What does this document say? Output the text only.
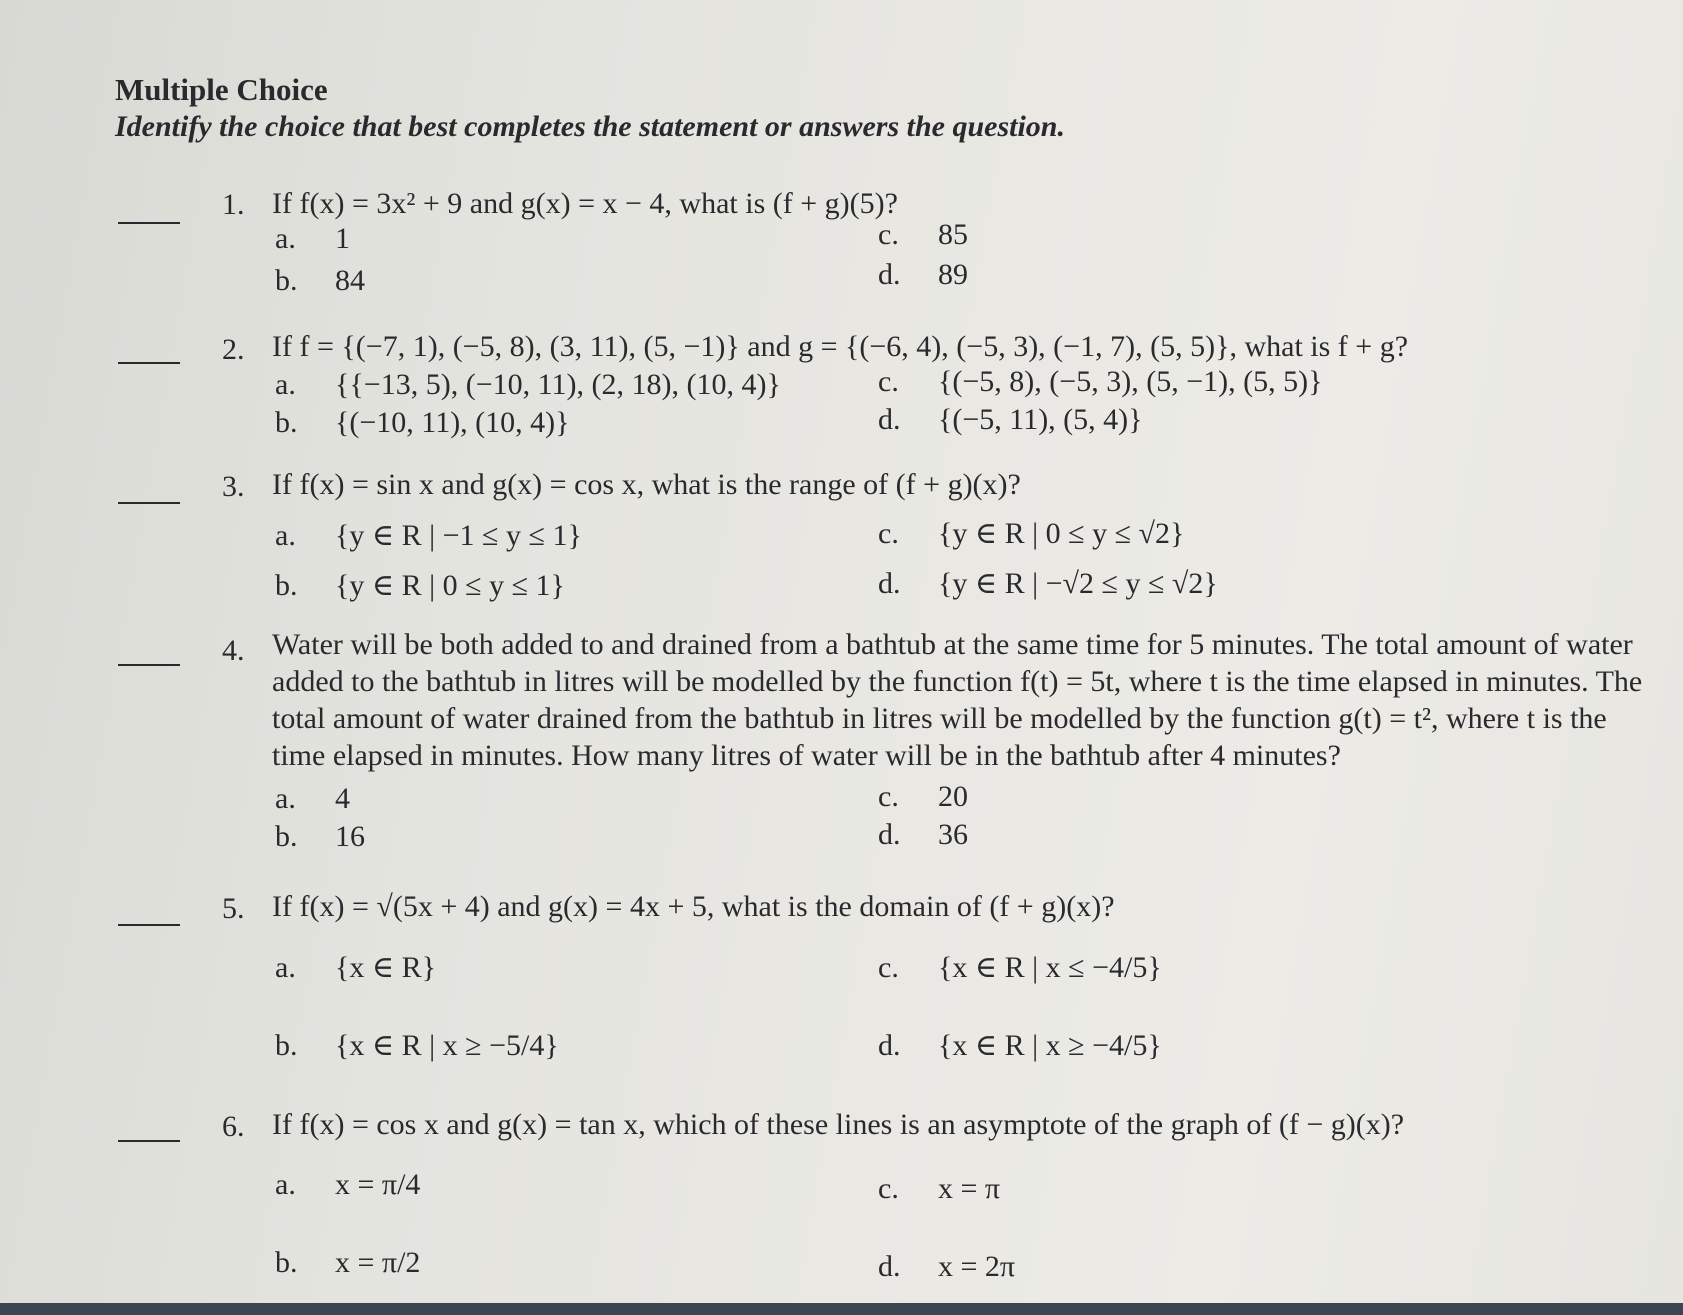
Multiple Choice
Identify the choice that best completes the statement or answers the question.
1. If f(x) = 3x² + 9 and g(x) = x − 4, what is (f + g)(5)?
a. 1
b. 84
c. 85
d. 89
2. If f = {(−7, 1), (−5, 8), (3, 11), (5, −1)} and g = {(−6, 4), (−5, 3), (−1, 7), (5, 5)}, what is f + g?
a. {{−13, 5), (−10, 11), (2, 18), (10, 4)}
b. {(−10, 11), (10, 4)}
c. {(−5, 8), (−5, 3), (5, −1), (5, 5)}
d. {(−5, 11), (5, 4)}
3. If f(x) = sin x and g(x) = cos x, what is the range of (f + g)(x)?
a. {y ∈ R | −1 ≤ y ≤ 1}
b. {y ∈ R | 0 ≤ y ≤ 1}
c. {y ∈ R | 0 ≤ y ≤ √2}
d. {y ∈ R | −√2 ≤ y ≤ √2}
4. Water will be both added to and drained from a bathtub at the same time for 5 minutes. The total amount of water added to the bathtub in litres will be modelled by the function f(t) = 5t, where t is the time elapsed in minutes. The total amount of water drained from the bathtub in litres will be modelled by the function g(t) = t², where t is the time elapsed in minutes. How many litres of water will be in the bathtub after 4 minutes?
a. 4
b. 16
c. 20
d. 36
5. If f(x) = √(5x + 4) and g(x) = 4x + 5, what is the domain of (f + g)(x)?
a. {x ∈ R}
b. {x ∈ R | x ≥ −5/4}
c. {x ∈ R | x ≤ −4/5}
d. {x ∈ R | x ≥ −4/5}
6. If f(x) = cos x and g(x) = tan x, which of these lines is an asymptote of the graph of (f − g)(x)?
a. x = π/4
b. x = π/2
c. x = π
d. x = 2π
